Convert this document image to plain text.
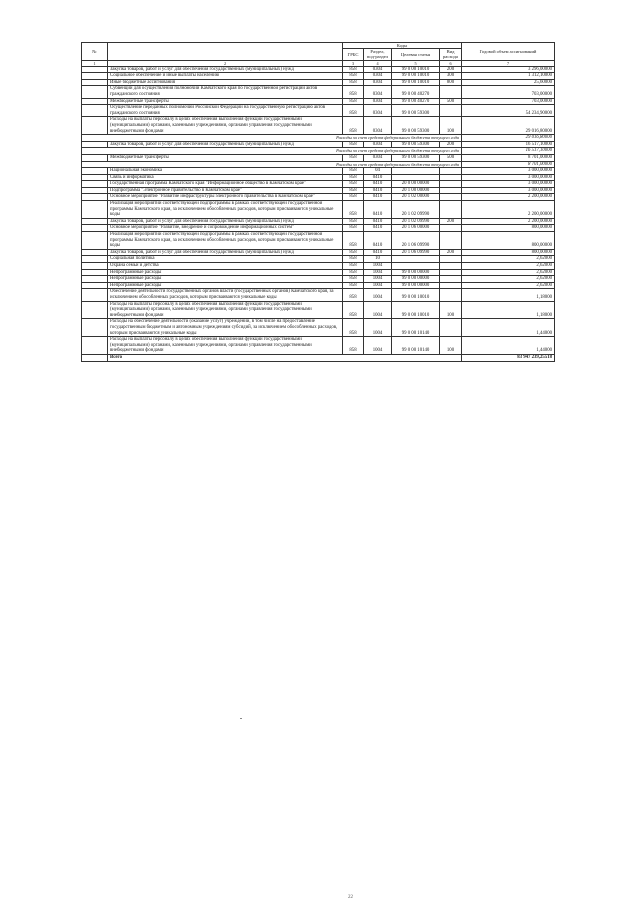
№		Коды				Годовой объем ассигнований
		ГРБС	Раздел, под-раздел	Целевая статья	Вид расхода	
1	2	3	4	5	6	7
	Закупка товаров, работ и услуг для обеспечения государственных (муниципальных) нужд	858	0304	99 0 00 10010	200	3 296,00000
	Социальное обеспечение и иные выплаты населению	858	0304	99 0 00 10010	300	1 312,10000
	Иные бюджетные ассигнования	858	0304	99 0 00 10010	800	25,60000
	Субвенции для осуществления полномочий Камчатского края по государственной регистрации актов гражданского состояния	858	0304	99 0 00 40270		703,00000
	Межбюджетные трансферты	858	0304	99 0 00 40270	500	703,00000
	Осуществление переданных полномочий Российской Федерации на государственную регистрацию актов гражданского состояния	858	0304	99 0 00 59300		54 234,90000
	Расходы на выплаты персоналу в целях обеспечения выполнения функций государственными (муниципальными) органами, казенными учреждениями, органами управления государственными внебюджетными фондами	858	0304	99 0 00 59300	100	29 016,80000
Расходы за счет средств федерального бюджета текущего года						29 016,80000
	Закупка товаров, работ и услуг для обеспечения государственных (муниципальных) нужд	858	0304	99 0 00 59300	200	16 517,10000
Расходы за счет средств федерального бюджета текущего года						16 517,10000
	Межбюджетные трансферты	858	0304	99 0 00 59300	500	8 701,00000
Расходы за счет средств федерального бюджета текущего года						8 701,00000
	Национальная экономика	858	04			3 000,00000
	Связь и информатика	858	0410			3 000,00000
	Государственная программа Камчатского края "Информационное общество в Камчатском крае"	858	0410	20 0 00 00000		3 000,00000
	Подпрограмма "Электронное правительство в Камчатском крае"	858	0410	20 1 00 00000		3 000,00000
	Основное мероприятие "Развитие инфраструктуры электронного правительства в Камчатском крае"	858	0410	20 1 02 00000		2 200,00000
	Реализация мероприятий соответствующей подпрограммы в рамках соответствующей государственной программы Камчатского края, за исключением обособленных расходов, которым присваиваются уникальные коды	858	0410	20 1 02 09990		2 200,00000
	Закупка товаров, работ и услуг для обеспечения государственных (муниципальных) нужд	858	0410	20 1 02 09990	200	2 200,00000
	Основное мероприятие "Развитие, внедрение и сопровождение информационных систем"	858	0410	20 1 06 00000		800,00000
	Реализация мероприятий соответствующей подпрограммы в рамках соответствующей государственной программы Камчатского края, за исключением обособленных расходов, которым присваиваются уникальные коды	858	0410	20 1 06 09990		800,00000
	Закупка товаров, работ и услуг для обеспечения государственных (муниципальных) нужд	858	0410	20 1 06 09990	200	800,00000
	Социальная политика	858	10			2,62000
	Охрана семьи и детства	858	1004			2,62000
	Непрограммные расходы	858	1004	99 0 00 00000		2,62000
	Непрограммные расходы	858	1004	99 0 00 00000		2,62000
	Непрограммные расходы	858	1004	99 0 00 00000		2,62000
	Обеспечение деятельности государственных органов власти (государственных органов) Камчатского края, за исключением обособленных расходов, которым присваиваются уникальные коды	858	1004	99 0 00 10010		1,18000
	Расходы на выплаты персоналу в целях обеспечения выполнения функций государственными (муниципальными) органами, казенными учреждениями, органами управления государственными внебюджетными фондами	858	1004	99 0 00 10010	100	1,18000
	Расходы на обеспечение деятельности (оказание услуг) учреждений, в том числе на предоставление государственным бюджетным и автономным учреждениям субсидий, за исключением обособленных расходов, которым присваиваются уникальные коды	858	1004	99 0 00 10140		1,44000
	Расходы на выплаты персоналу в целях обеспечения выполнения функций государственными (муниципальными) органами, казенными учреждениями, органами управления государственными внебюджетными фондами	858	1004	99 0 00 10140	100	1,44000
	Всего					83 947 239,25518
22
